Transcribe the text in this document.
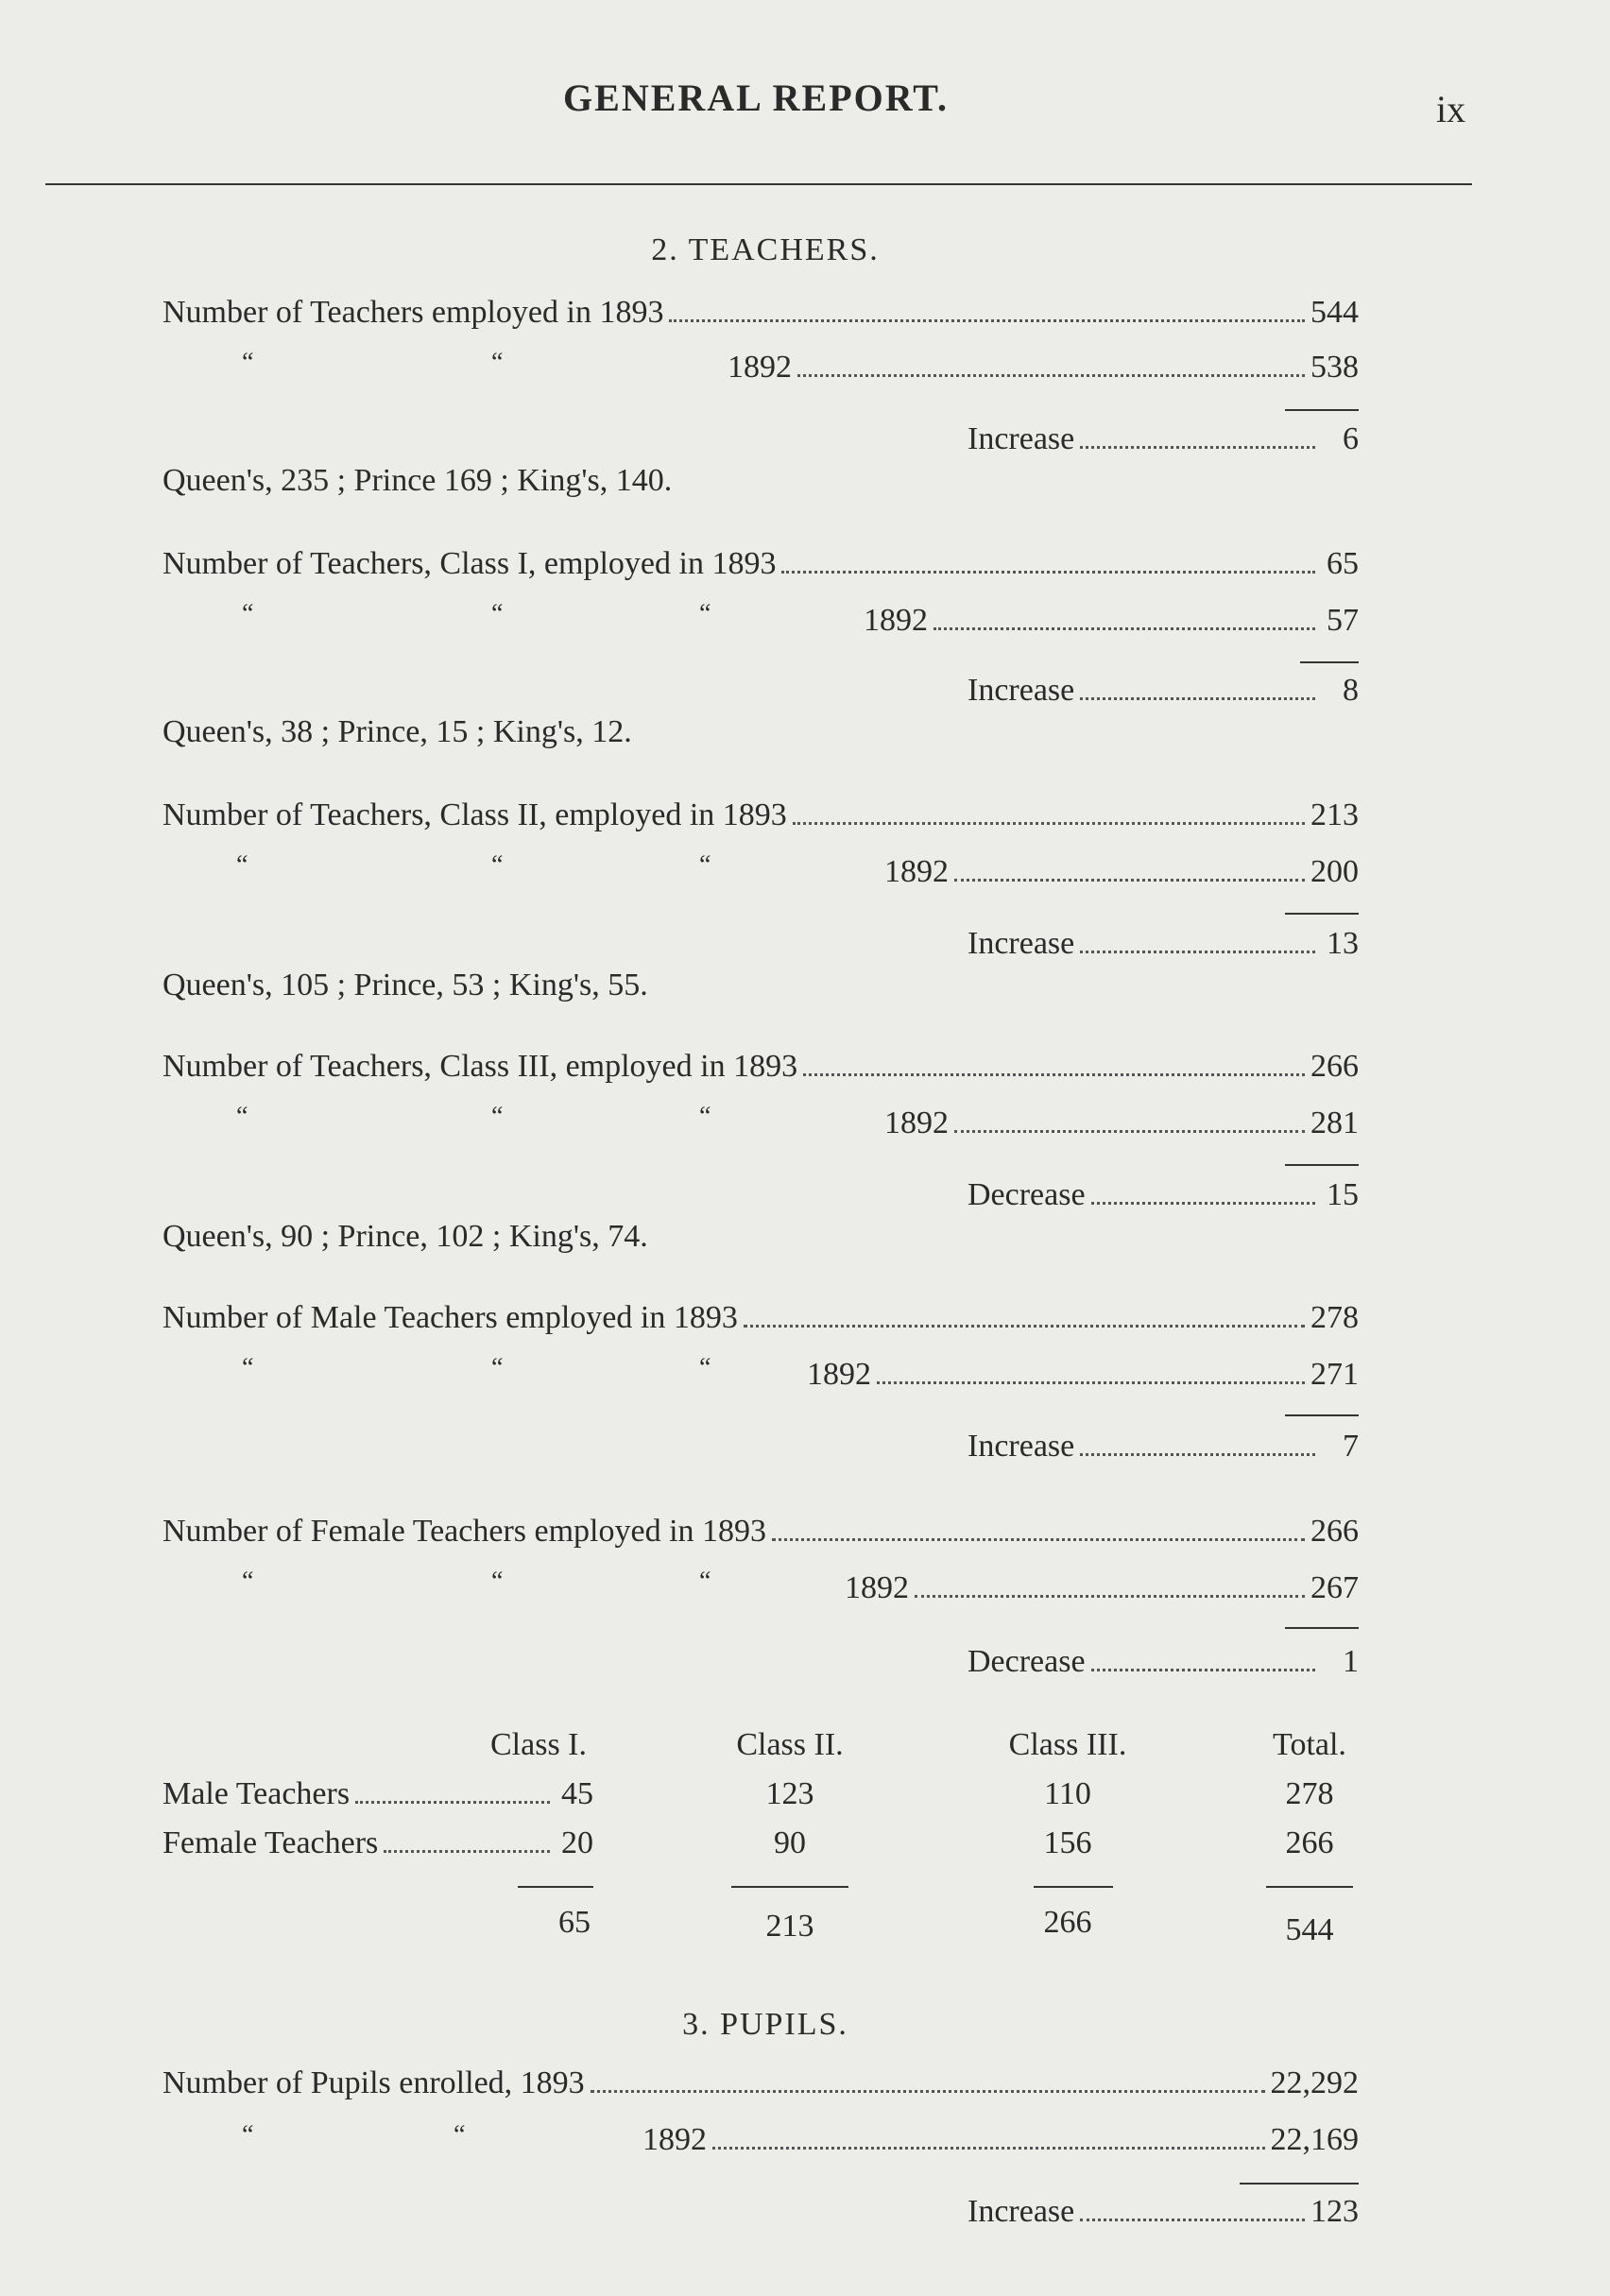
GENERAL REPORT.	ix
2. TEACHERS.
Number of Teachers employed in 1893	544
“	“	1892	538
Increase	6
Queen's, 235 ; Prince 169 ; King's, 140.
Number of Teachers, Class I, employed in 1893	65
“	“	“	1892	57
Increase	8
Queen's, 38 ; Prince, 15 ; King's, 12.
Number of Teachers, Class II, employed in 1893	213
“	“	“	1892	200
Increase	13
Queen's, 105 ; Prince, 53 ; King's, 55.
Number of Teachers, Class III, employed in 1893	266
“	“	“	1892	281
Decrease	15
Queen's, 90 ; Prince, 102 ; King's, 74.
Number of Male Teachers employed in 1893	278
“	“	“	1892	271
Increase	7
Number of Female Teachers employed in 1893	266
“	“	“	1892	267
Decrease	1
Class I.	Class II.	Class III.	Total.
Male Teachers	45	123	110	278
Female Teachers	20	90	156	266
65	213	266	544
3. PUPILS.
Number of Pupils enrolled, 1893	22,292
“	“	1892	22,169
Increase	123
